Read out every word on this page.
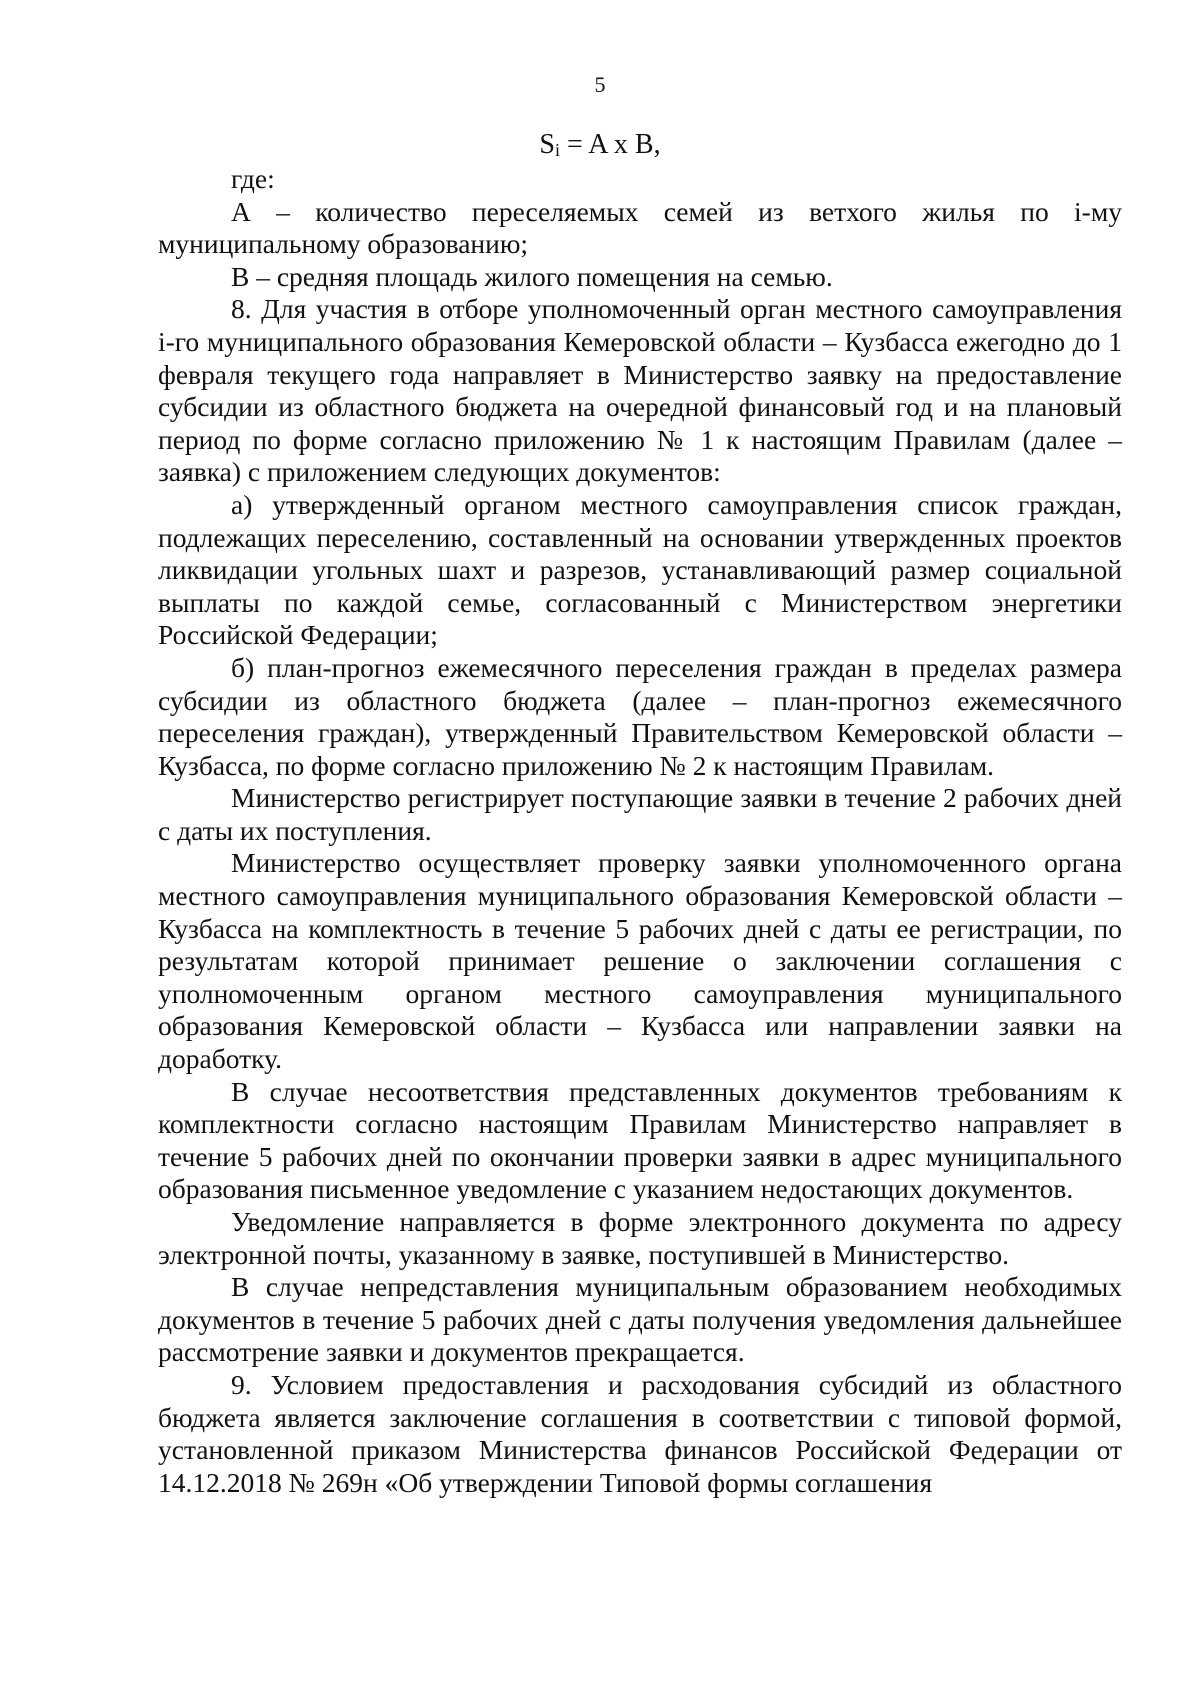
5
$S_i = A$ x B,

где:

А – количество переселяемых семей из ветхого жилья по i-му муниципальному образованию;

В – средняя площадь жилого помещения на семью.

8. Для участия в отборе уполномоченный орган местного самоуправления i-го муниципального образования Кемеровской области – Кузбасса ежегодно до 1 февраля текущего года направляет в Министерство заявку на предоставление субсидии из областного бюджета на очередной финансовый год и на плановый период по форме согласно приложению № 1 к настоящим Правилам (далее – заявка) с приложением следующих документов:

а) утвержденный органом местного самоуправления список граждан, подлежащих переселению, составленный на основании утвержденных проектов ликвидации угольных шахт и разрезов, устанавливающий размер социальной выплаты по каждой семье, согласованный с Министерством энергетики Российской Федерации;

б) план-прогноз ежемесячного переселения граждан в пределах размера субсидии из областного бюджета (далее – план-прогноз ежемесячного переселения граждан), утвержденный Правительством Кемеровской области – Кузбасса, по форме согласно приложению № 2 к настоящим Правилам.

Министерство регистрирует поступающие заявки в течение 2 рабочих дней с даты их поступления.

Министерство осуществляет проверку заявки уполномоченного органа местного самоуправления муниципального образования Кемеровской области – Кузбасса на комплектность в течение 5 рабочих дней с даты ее регистрации, по результатам которой принимает решение о заключении соглашения с уполномоченным органом местного самоуправления муниципального образования Кемеровской области – Кузбасса или направлении заявки на доработку.

В случае несоответствия представленных документов требованиям к комплектности согласно настоящим Правилам Министерство направляет в течение 5 рабочих дней по окончании проверки заявки в адрес муниципального образования письменное уведомление с указанием недостающих документов.

Уведомление направляется в форме электронного документа по адресу электронной почты, указанному в заявке, поступившей в Министерство.

В случае непредставления муниципальным образованием необходимых документов в течение 5 рабочих дней с даты получения уведомления дальнейшее рассмотрение заявки и документов прекращается.

9. Условием предоставления и расходования субсидий из областного бюджета является заключение соглашения в соответствии с типовой формой, установленной приказом Министерства финансов Российской Федерации от 14.12.2018 № 269н «Об утверждении Типовой формы соглашения
